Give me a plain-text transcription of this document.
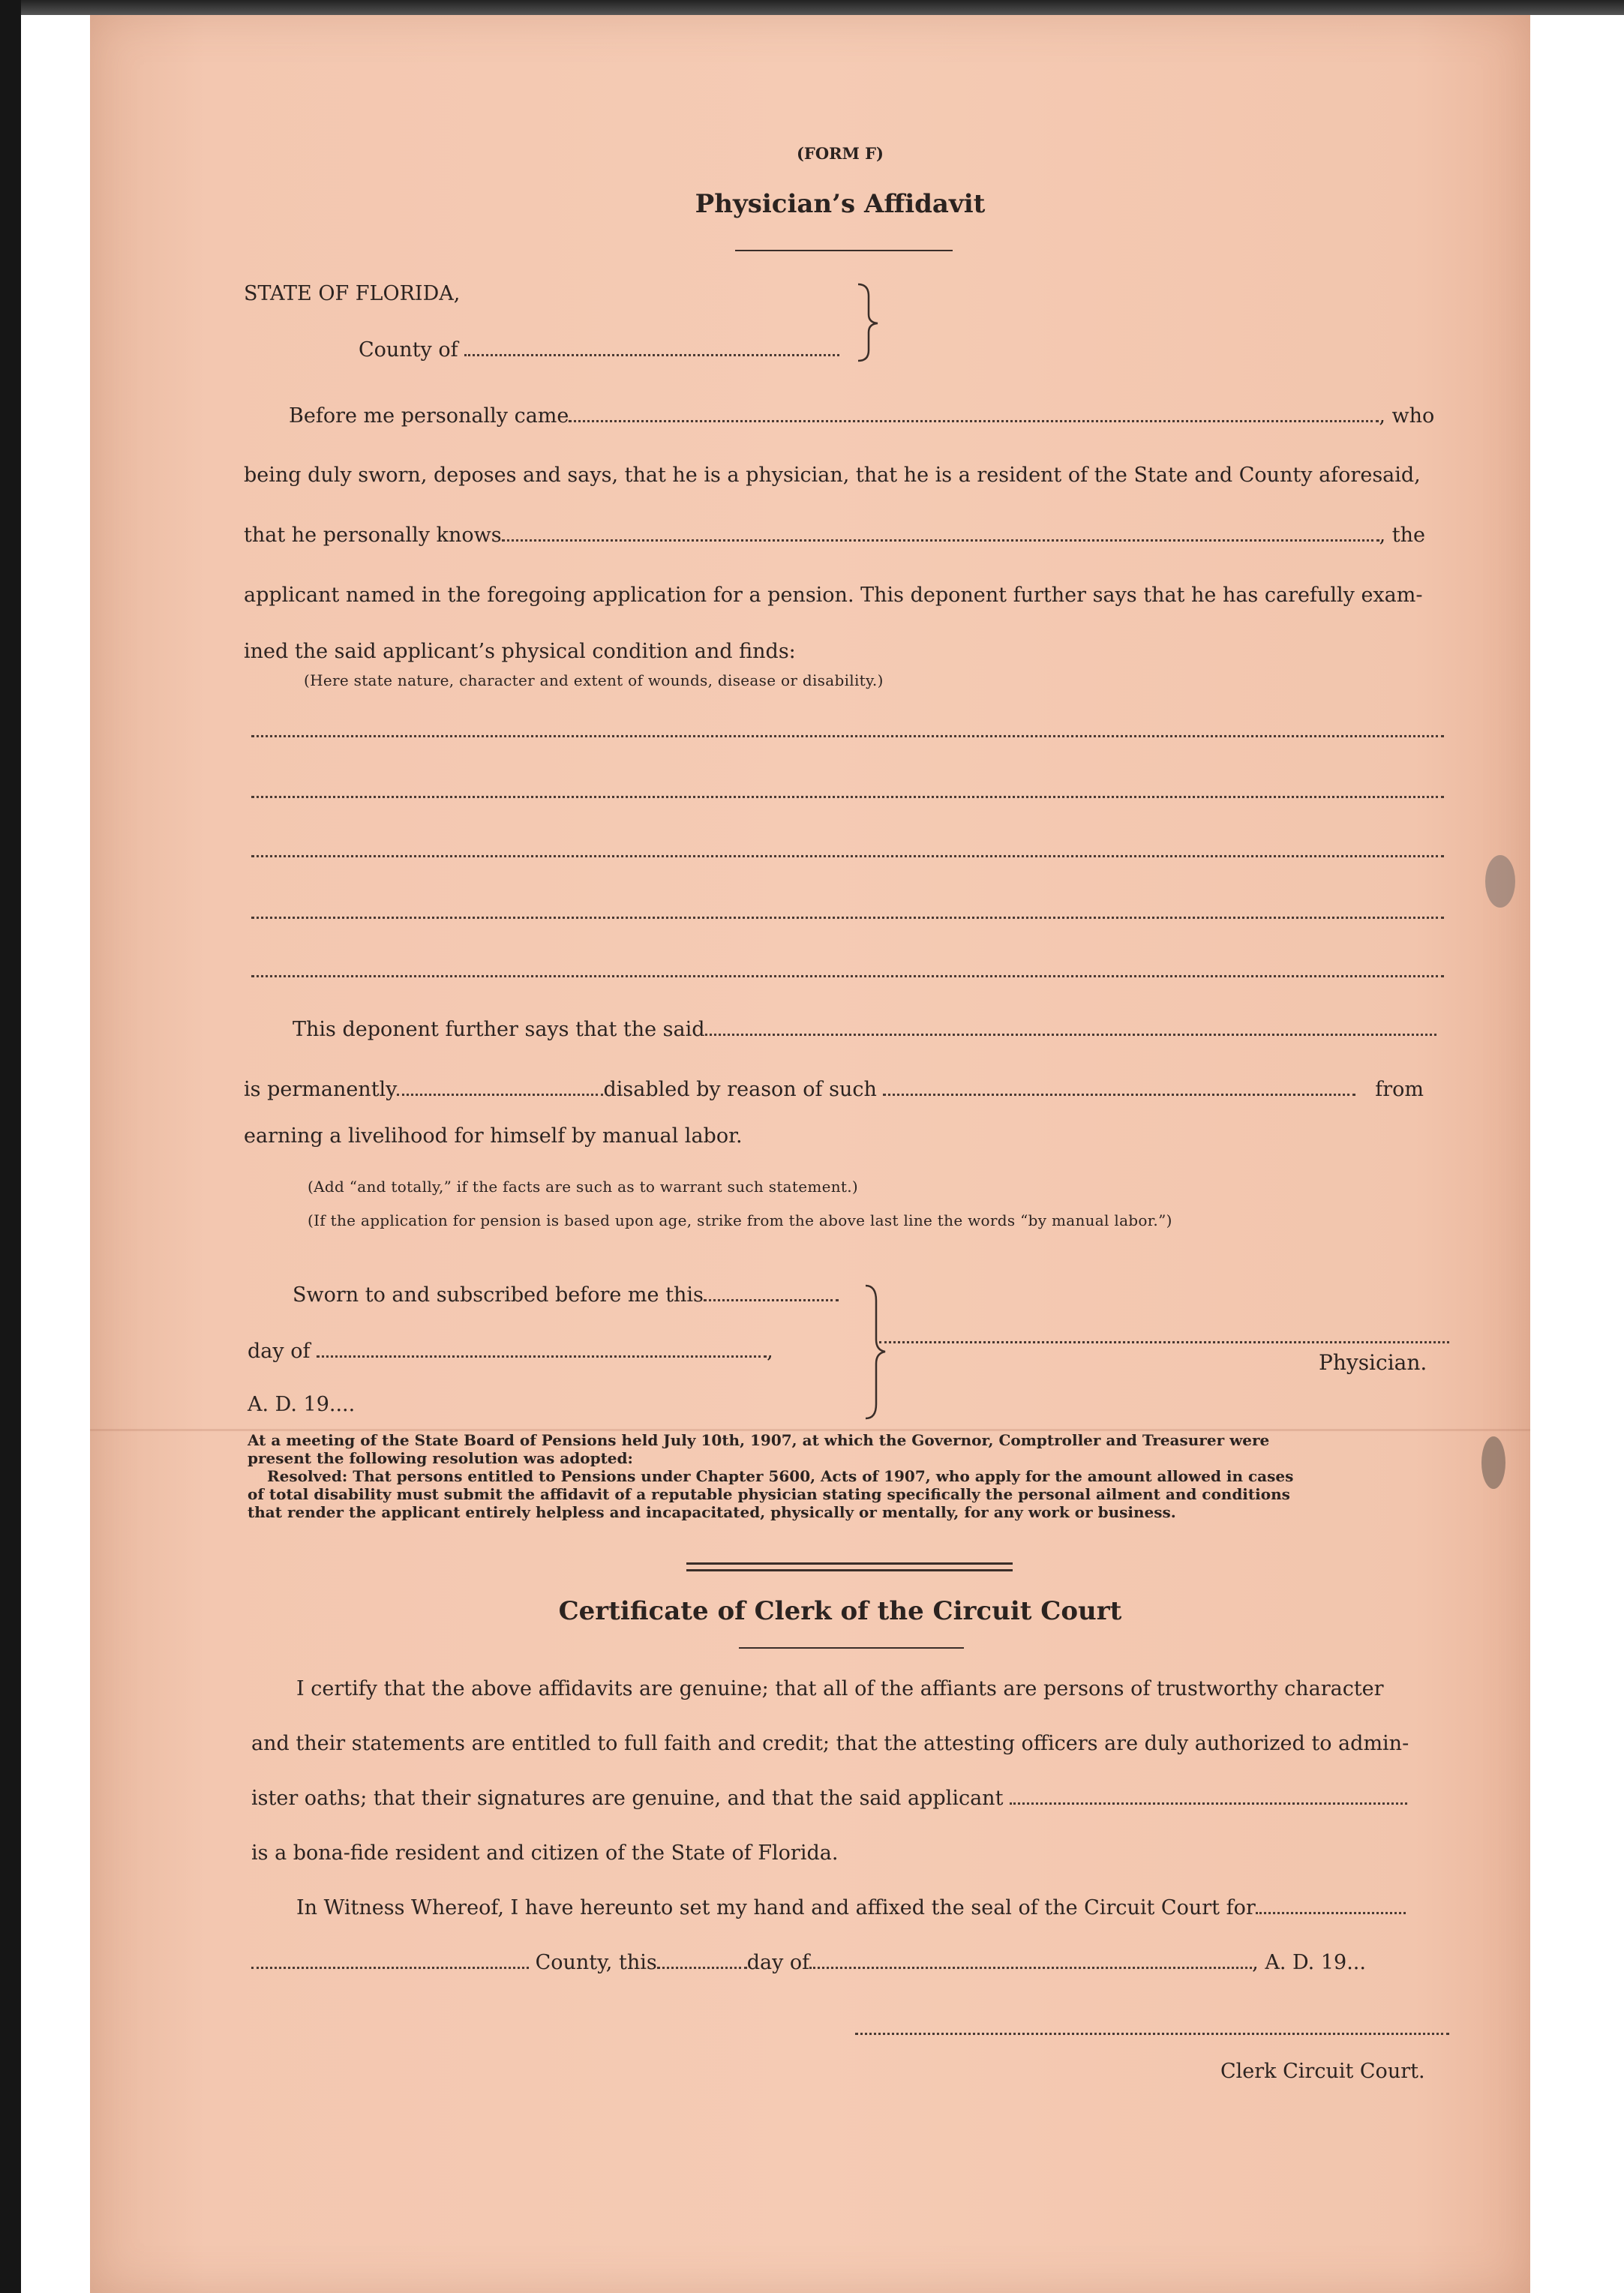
(FORM F)
Physician’s Affidavit
STATE OF FLORIDA,
County of
Before me personally came	, who
being duly sworn, deposes and says, that he is a physician, that he is a resident of the State and County aforesaid,
that he personally knows	, the
applicant named in the foregoing application for a pension. This deponent further says that he has carefully exam-
ined the said applicant’s physical condition and finds:
(Here state nature, character and extent of wounds, disease or disability.)
This deponent further says that the said
is permanently	disabled by reason of such	from
earning a livelihood for himself by manual labor.
(Add “and totally,” if the facts are such as to warrant such statement.)
(If the application for pension is based upon age, strike from the above last line the words “by manual labor.”)
Sworn to and subscribed before me this
day of	,
A. D. 19....
Physician.
At a meeting of the State Board of Pensions held July 10th, 1907, at which the Governor, Comptroller and Treasurer were
present the following resolution was adopted:
Resolved: That persons entitled to Pensions under Chapter 5600, Acts of 1907, who apply for the amount allowed in cases
of total disability must submit the affidavit of a reputable physician stating specifically the personal ailment and conditions
that render the applicant entirely helpless and incapacitated, physically or mentally, for any work or business.
Certificate of Clerk of the Circuit Court
I certify that the above affidavits are genuine; that all of the affiants are persons of trustworthy character
and their statements are entitled to full faith and credit; that the attesting officers are duly authorized to admin-
ister oaths; that their signatures are genuine, and that the said applicant
is a bona-fide resident and citizen of the State of Florida.
In Witness Whereof, I have hereunto set my hand and affixed the seal of the Circuit Court for
County, this	day of	, A. D. 19...
Clerk Circuit Court.
